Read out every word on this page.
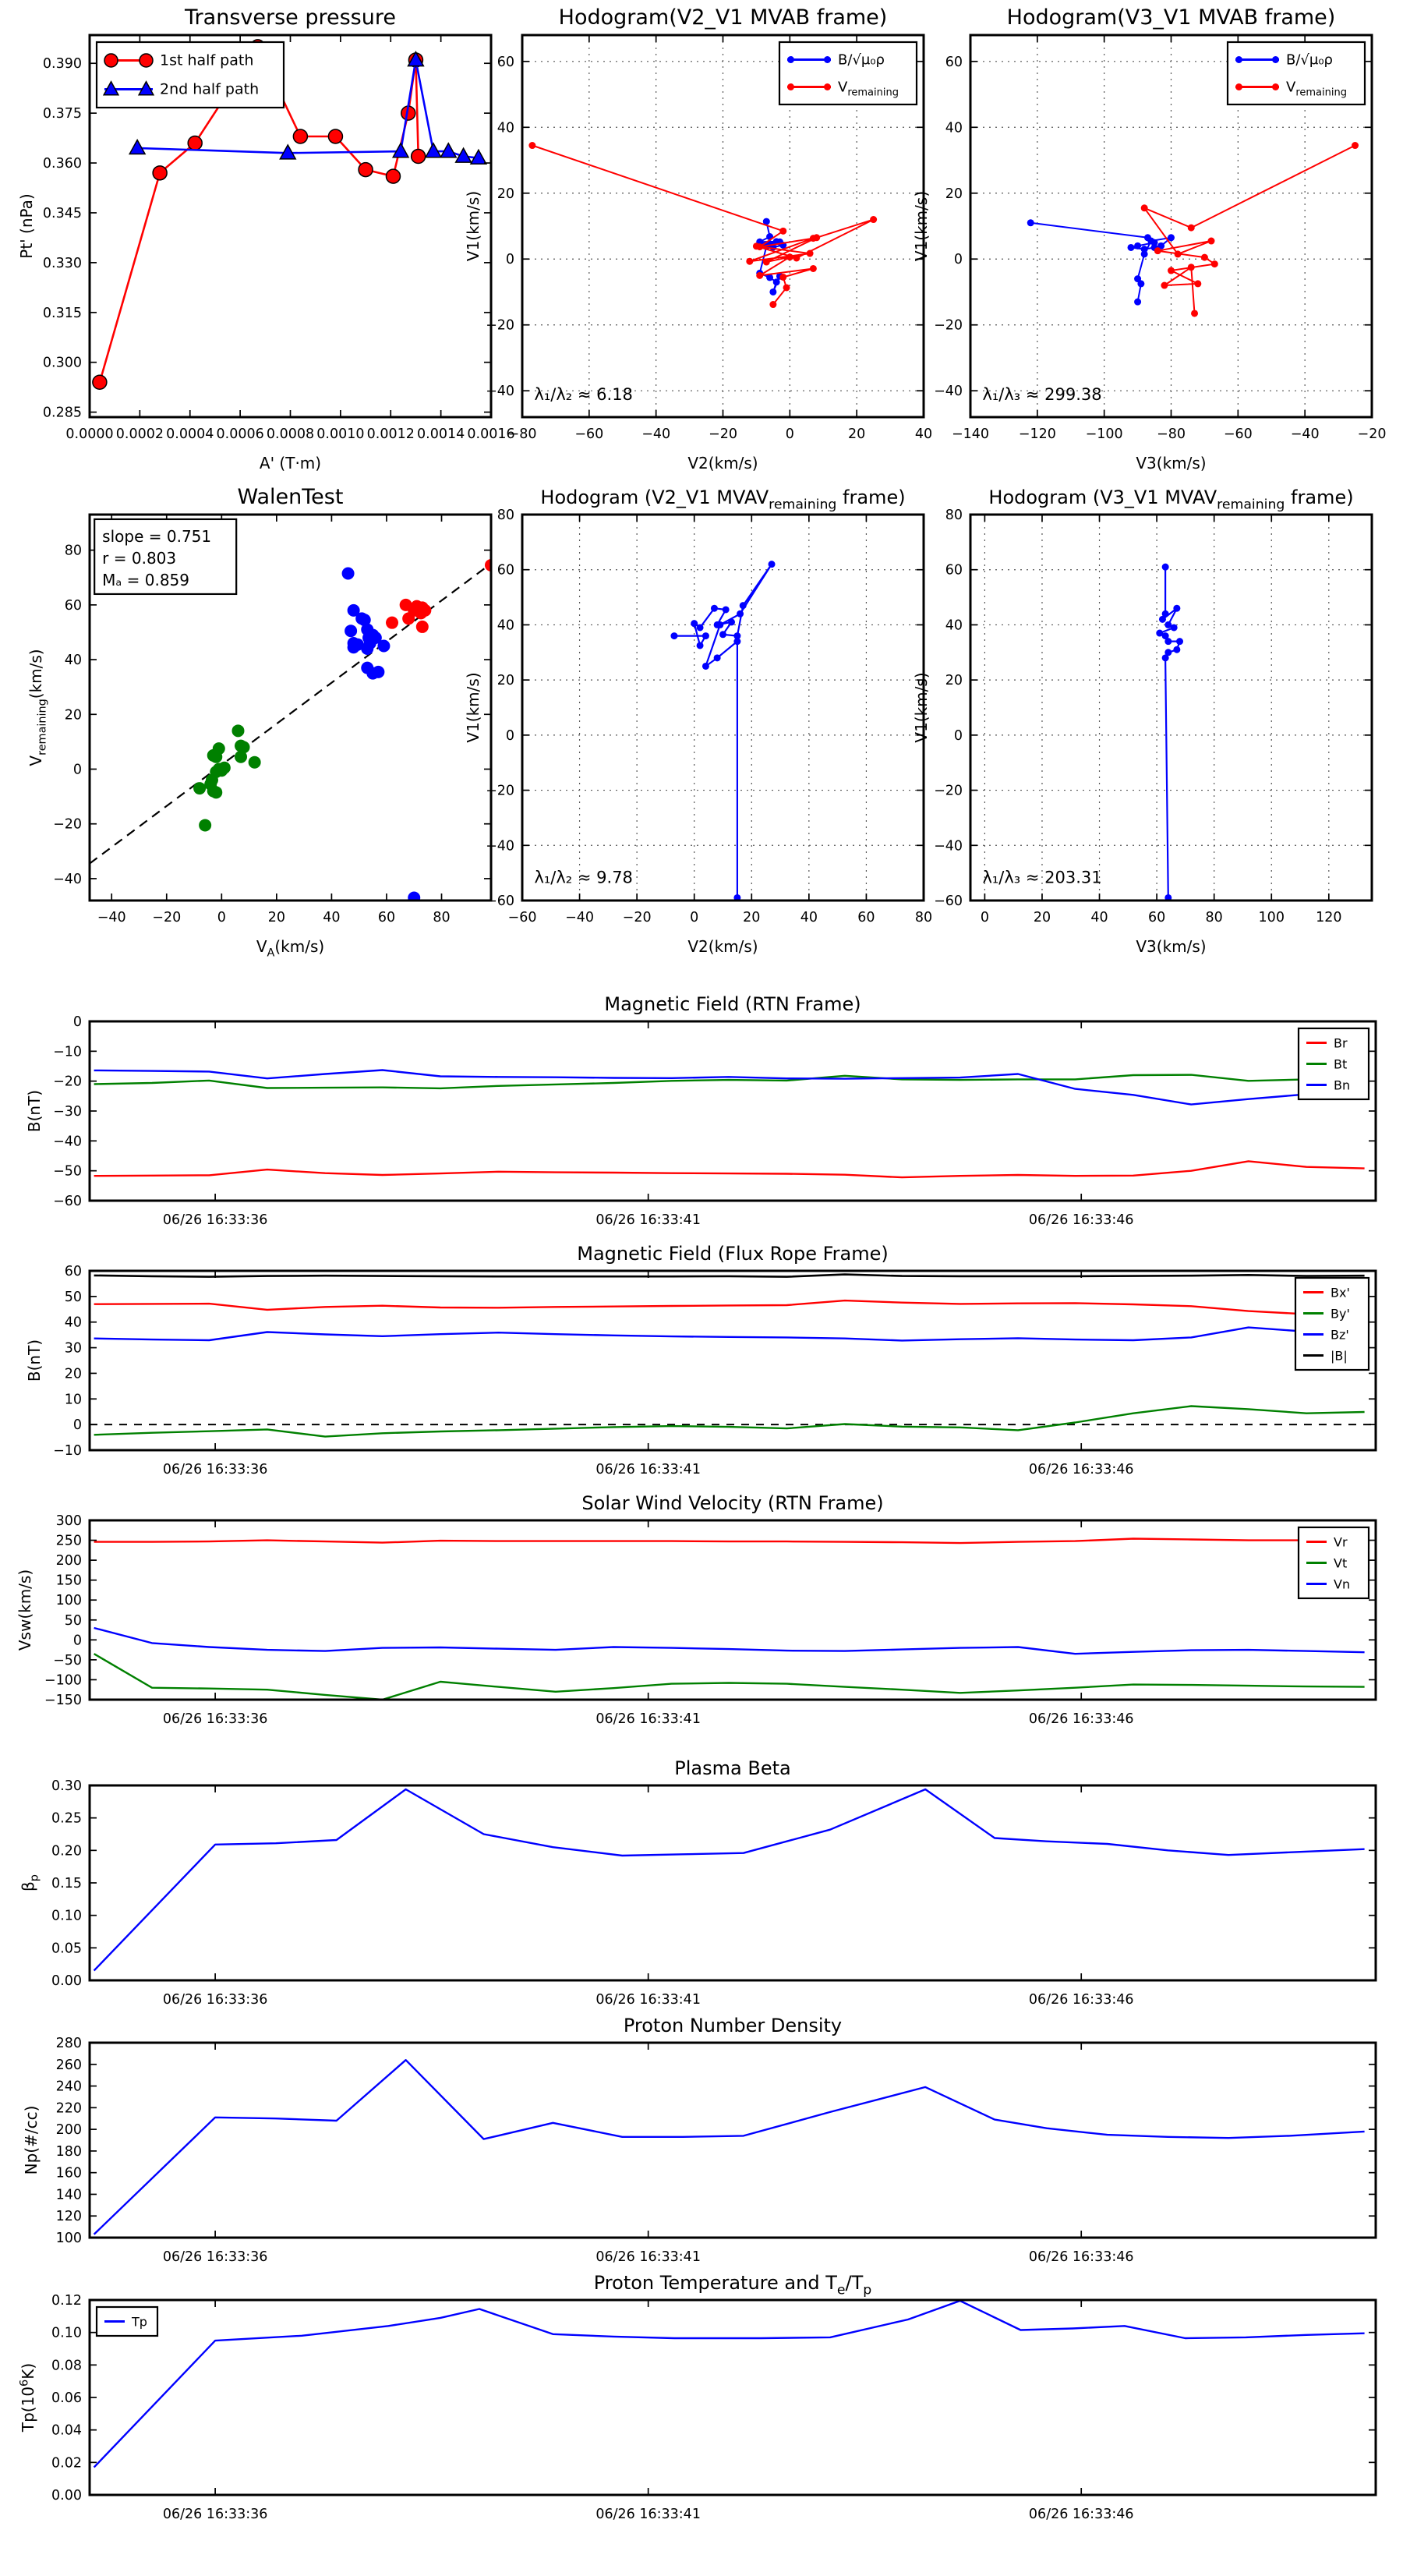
0.0000 0.0002 0.0004 0.0006 0.0008 0.0010 0.0012 0.0014 0.0016
0.285
0.300
0.315
0.330
0.345
0.360
0.375
0.390
Transverse pressure
A' (T·m)
Pt' (nPa)
1st half path
2nd half path
−80	−60	−40	−20	0	20	40
−40
−20
0
20
40
60
Hodogram(V2_V1 MVAB frame)
V2(km/s)
V1(km/s)
B/√μ₀ρ
$V_{remaining}$
λ₁/λ₂ ≈ 6.18
−140 −120 −100 −80	−60	−40	−20
−40
−20
0
20
40
60
Hodogram(V3_V1 MVAB frame)
V3(km/s)
V1(km/s)
B/√μ₀ρ
$V_{remaining}$
λ₁/λ₃ ≈ 299.38
−40 −20	0	20	40	60	80
−40
−20
0
20
40
60
80
WalenTest
$V_A(km/s)$
$V_{remaining}(km/s)$
slope = 0.751
r = 0.803
Mₐ = 0.859
−60 −40 −20	0	20	40	60	80
−60
−40
−20
0
20
40
60
80
Hodogram (V2_V1 $MVAV_{remaining}$ frame)
V2(km/s)
V1(km/s)
λ₁/λ₂ ≈ 9.78
0	20	40	60	80	100 120
−60
−40
−20
0
20
40
60
80
Hodogram (V3_V1 $MVAV_{remaining}$ frame)
V3(km/s)
V1(km/s)
λ₁/λ₃ ≈ 203.31
06/26 16:33:36	06/26 16:33:41	06/26 16:33:46
−60
−50
−40
−30
−20
−10
0
Magnetic Field (RTN Frame)
B(nT)
Br
Bt
Bn
06/26 16:33:36	06/26 16:33:41	06/26 16:33:46
−10
0
10
20
30
40
50
60
Magnetic Field (Flux Rope Frame)
B(nT)
Bx'
By'
Bz'
|B|
06/26 16:33:36	06/26 16:33:41	06/26 16:33:46
−150
−100
−50
0
50
100
150
200
250
300
Solar Wind Velocity (RTN Frame)
Vsw(km/s)
Vr
Vt
Vn
06/26 16:33:36	06/26 16:33:41	06/26 16:33:46
0.00
0.05
0.10
0.15
0.20
0.25
0.30
Plasma Beta
$\beta_p$
06/26 16:33:36	06/26 16:33:41	06/26 16:33:46
100
120
140
160
180
200
220
240
260
280
Proton Number Density
Np(#/cc)
06/26 16:33:36	06/26 16:33:41	06/26 16:33:46
0.00
0.02
0.04
0.06
0.08
0.10
0.12
Proton Temperature and $T_e/T_p$
$Tp(10^6K)$
Tp
